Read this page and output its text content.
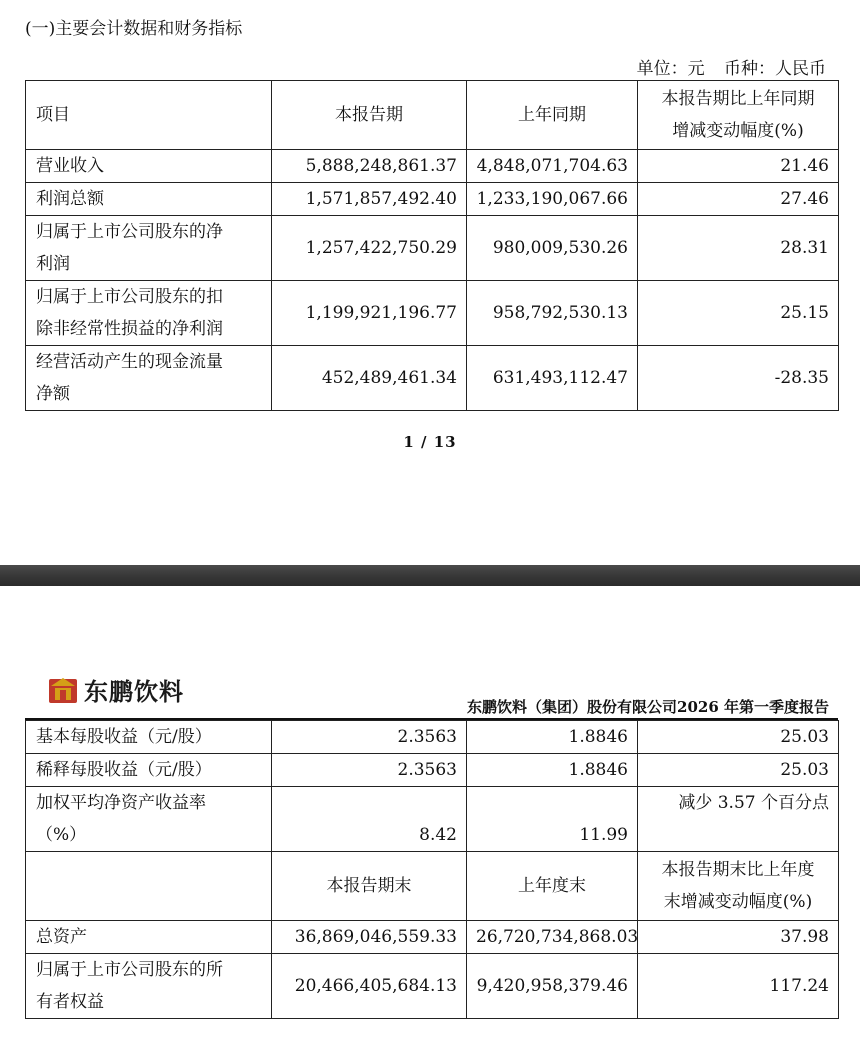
(一)主要会计数据和财务指标
单位：元 币种：人民币
项目	本报告期	上年同期	本报告期比上年同期
增减变动幅度(%)

营业收入	5,888,248,861.37	4,848,071,704.63	21.46
利润总额	1,571,857,492.40	1,233,190,067.66	27.46

归属于上市公司股东的净
利润	1,257,422,750.29	980,009,530.26	28.31

归属于上市公司股东的扣
除非经常性损益的净利润	1,199,921,196.77	958,792,530.13	25.15

经营活动产生的现金流量
净额	452,489,461.34	631,493,112.47	-28.35
1 / 13
东鹏饮料
东鹏饮料（集团）股份有限公司2026 年第一季度报告
基本每股收益（元/股）	2.3563	1.8846	25.03
稀释每股收益（元/股）	2.3563	1.8846	25.03

加权平均净资产收益率
（%）	8.42	11.99	减少 3.57 个百分点
	本报告期末	上年度末	本报告期末比上年度
末增减变动幅度(%)

总资产	36,869,046,559.33	26,720,734,868.03	37.98

归属于上市公司股东的所
有者权益	20,466,405,684.13	9,420,958,379.46	117.24
